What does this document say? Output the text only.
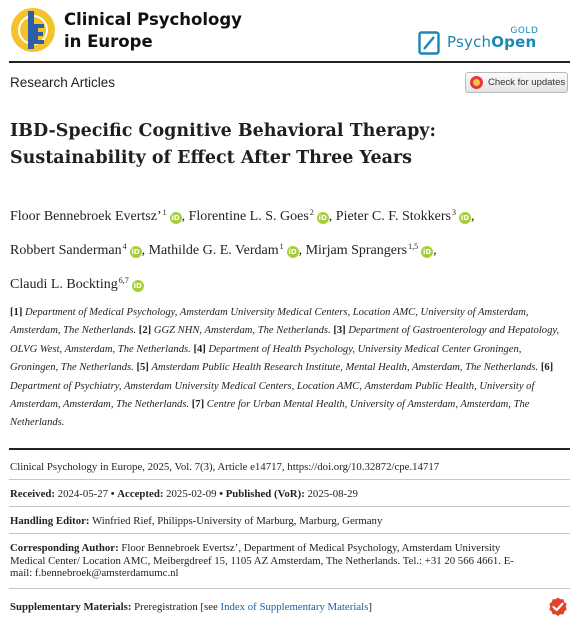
Clinical Psychology
in Europe	PsychOpen
GOLD
Research Articles	Check for updates
IBD-Specific Cognitive Behavioral Therapy:
Sustainability of Effect After Three Years
Floor Bennebroek Evertsz’$^1$iD , Florentine L. S. Goes$^2$iD , Pieter C. F. Stokkers$^3$iD ,
Robbert Sanderman$^4$iD , Mathilde G. E. Verdam$^1$iD , Mirjam Sprangers$^{1,5}$iD ,
Claudi L. Bockting$^{6,7}$iD
[1] Department of Medical Psychology, Amsterdam University Medical Centers, Location AMC, University of Amsterdam, Amsterdam, The Netherlands. [2] GGZ NHN, Amsterdam, The Netherlands. [3] Department of Gastroenterology and Hepatology, OLVG West, Amsterdam, The Netherlands. [4] Department of Health Psychology, University Medical Center Groningen, Groningen, The Netherlands. [5] Amsterdam Public Health Research Institute, Mental Health, Amsterdam, The Netherlands. [6] Department of Psychiatry, Amsterdam University Medical Centers, Location AMC, Amsterdam Public Health, University of Amsterdam, Amsterdam, The Netherlands. [7] Centre for Urban Mental Health, University of Amsterdam, Amsterdam, The Netherlands.
Clinical Psychology in Europe, 2025, Vol. 7(3), Article e14717, https://doi.org/10.32872/cpe.14717
Received: 2024-05-27 • Accepted: 2025-02-09 • Published (VoR): 2025-08-29
Handling Editor: Winfried Rief, Philipps-University of Marburg, Marburg, Germany
Corresponding Author: Floor Bennebroek Evertsz’, Department of Medical Psychology, Amsterdam University
Medical Center/ Location AMC, Meibergdreef 15, 1105 AZ Amsterdam, The Netherlands. Tel.: +31 20 566 4661. E-
mail: f.bennebroek@amsterdamumc.nl
Supplementary Materials: Preregistration [see Index of Supplementary Materials]
